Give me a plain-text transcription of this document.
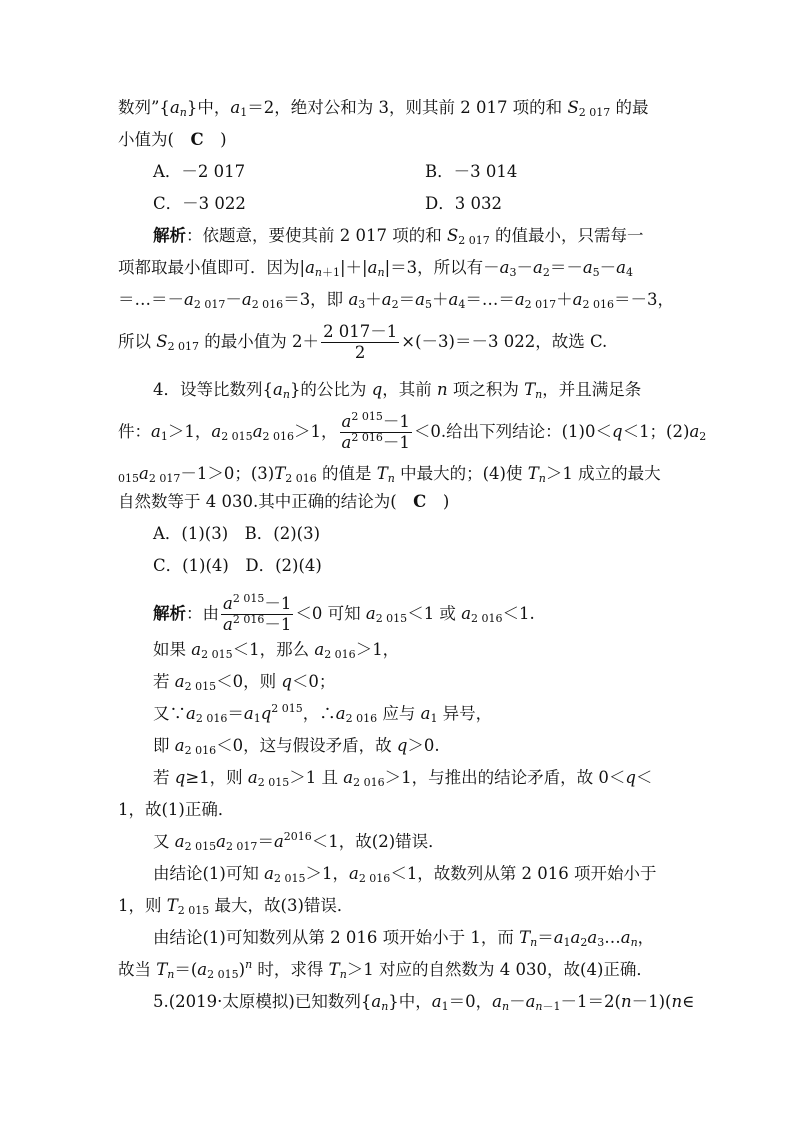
数列$”\{a_n\}$中，$a_1=2$，绝对公和为 3，则其前 2 017 项的和 $S_{2 017}$ 的最
小值为(　C　)
A．－2 017	B．－3 014
C．－3 022	D．3 032
解析：依题意，要使其前 2 017 项的和 $S_{2 017}$ 的值最小，只需每一
项都取最小值即可．因为$|a_{n+1}|+|a_n|=3$，所以有$-a_3-a_2=-a_5-a_4$
$=\dots=-a_{2 017}-a_{2 016}=3$，即 $a_3+a_2=a_5+a_4=\dots=a_{2 017}+a_{2 016}=-3$，
所以 $S_{2 017}$ 的最小值为 $2+ \frac{2 017-1}{2} \times(-3)=-3$ 022，故选 C.
4．设等比数列$\{a_n\}$的公比为 q，其前 n 项之积为 $T_n$，并且满足条
件：$a_1>1$，$a_{2 015}a_{2 016}>1$， $\frac{a^{2 015}-1}{a^{2 016}-1} <0$.给出下列结论：(1)0＜q＜1；$(2)a_2$
$_{015}a_{2 017}-1>0$；$(3)T_{2 016}$ 的值是 $T_n$ 中最大的；(4)使 $T_n>1$ 成立的最大
自然数等于 4 030.其中正确的结论为(　C　)
A．(1)(3)　B．(2)(3)
C．(1)(4)　D．(2)(4)
解析：由 $\frac{a^{2 015}-1}{a^{2 016}-1} <0$ 可知 $a_{2 015}<1$ 或 $a_{2 016}<1$.
如果 $a_{2 015}<1$，那么 $a_{2 016}>1$，
若 $a_{2 015}<0$，则 q＜0；
又$\because a_{2 016}=a_1q^{2 015}$，$\therefore a_{2 016}$ 应与 $a_1$ 异号，
即 $a_{2 016}<0$，这与假设矛盾，故 q＞0.
若 q≥1，则 $a_{2 015}>1$ 且 $a_{2 016}>1$，与推出的结论矛盾，故 0＜q＜
1，故(1)正确．
又 $a_{2 015}a_{2 017}=a^{2016}<1$，故(2)错误．
由结论(1)可知 $a_{2 015}>1$，$a_{2 016}<1$，故数列从第 2 016 项开始小于
1，则 $T_{2 015}$ 最大，故(3)错误．
由结论(1)可知数列从第 2 016 项开始小于 1，而 $T_n=a_1a_2a_3\dots a_n$，
故当 $T_n=(a_{2 015})^n$ 时，求得 $T_n>1$ 对应的自然数为 4 030，故(4)正确．
5.(2019·太原模拟)已知数列$\{a_n\}$中，$a_1=0$，$a_n-a_{n-1}-1=2(n-1)(n\in$
